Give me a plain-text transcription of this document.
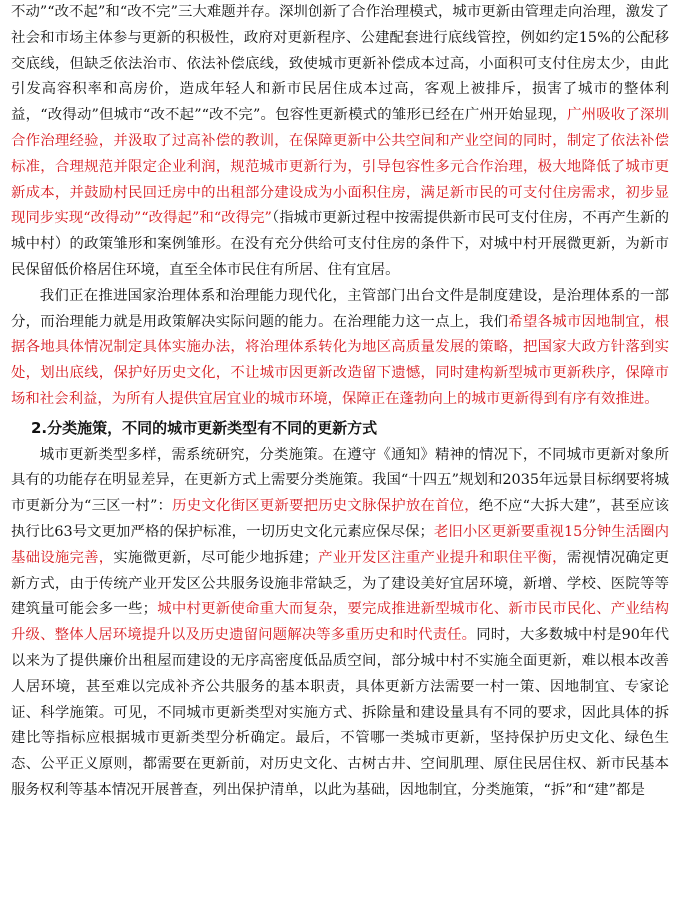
不动”“改不起”和“改不完”三大难题并存。深圳创新了合作治理模式，城市更新由管理走向治理，激发了社会和市场主体参与更新的积极性，政府对更新程序、公建配套进行底线管控，例如约定15%的公配移交底线，但缺乏依法治市、依法补偿底线，致使城市更新补偿成本过高，小面积可支付住房太少，由此引发高容积率和高房价，造成年轻人和新市民居住成本过高，客观上被排斥，损害了城市的整体利益，“改得动”但城市“改不起”“改不完”。包容性更新模式的雏形已经在广州开始显现，广州吸收了深圳合作治理经验，并汲取了过高补偿的教训，在保障更新中公共空间和产业空间的同时，制定了依法补偿标准，合理规范并限定企业利润，规范城市更新行为，引导包容性多元合作治理，极大地降低了城市更新成本，并鼓励村民回迁房中的出租部分建设成为小面积住房，满足新市民的可支付住房需求，初步显现同步实现“改得动”“改得起”和“改得完”（指城市更新过程中按需提供新市民可支付住房，不再产生新的城中村）的政策雏形和案例雏形。在没有充分供给可支付住房的条件下，对城中村开展微更新，为新市民保留低价格居住环境，直至全体市民住有所居、住有宜居。

我们正在推进国家治理体系和治理能力现代化，主管部门出台文件是制度建设，是治理体系的一部分，而治理能力就是用政策解决实际问题的能力。在治理能力这一点上，我们希望各城市因地制宜，根据各地具体情况制定具体实施办法，将治理体系转化为地区高质量发展的策略，把国家大政方针落到实处，划出底线，保护好历史文化，不让城市因更新改造留下遗憾，同时建构新型城市更新秩序，保障市场和社会利益，为所有人提供宜居宜业的城市环境，保障正在蓬勃向上的城市更新得到有序有效推进。

2.分类施策，不同的城市更新类型有不同的更新方式

城市更新类型多样，需系统研究，分类施策。在遵守《通知》精神的情况下，不同城市更新对象所具有的功能存在明显差异，在更新方式上需要分类施策。我国“十四五”规划和2035年远景目标纲要将城市更新分为“三区一村”：历史文化街区更新要把历史文脉保护放在首位，绝不应“大拆大建”，甚至应该执行比63号文更加严格的保护标准，一切历史文化元素应保尽保；老旧小区更新要重视15分钟生活圈内基础设施完善，实施微更新，尽可能少地拆建；产业开发区注重产业提升和职住平衡，需视情况确定更新方式，由于传统产业开发区公共服务设施非常缺乏，为了建设美好宜居环境，新增、学校、医院等等建筑量可能会多一些；城中村更新使命重大而复杂，要完成推进新型城市化、新市民市民化、产业结构升级、整体人居环境提升以及历史遗留问题解决等多重历史和时代责任。同时，大多数城中村是90年代以来为了提供廉价出租屋而建设的无序高密度低品质空间，部分城中村不实施全面更新，难以根本改善人居环境，甚至难以完成补齐公共服务的基本职责，具体更新方法需要一村一策、因地制宜、专家论证、科学施策。可见，不同城市更新类型对实施方式、拆除量和建设量具有不同的要求，因此具体的拆建比等指标应根据城市更新类型分析确定。最后，不管哪一类城市更新，坚持保护历史文化、绿色生态、公平正义原则，都需要在更新前，对历史文化、古树古井、空间肌理、原住民居住权、新市民基本服务权利等基本情况开展普查，列出保护清单，以此为基础，因地制宜，分类施策，“拆”和“建”都是
